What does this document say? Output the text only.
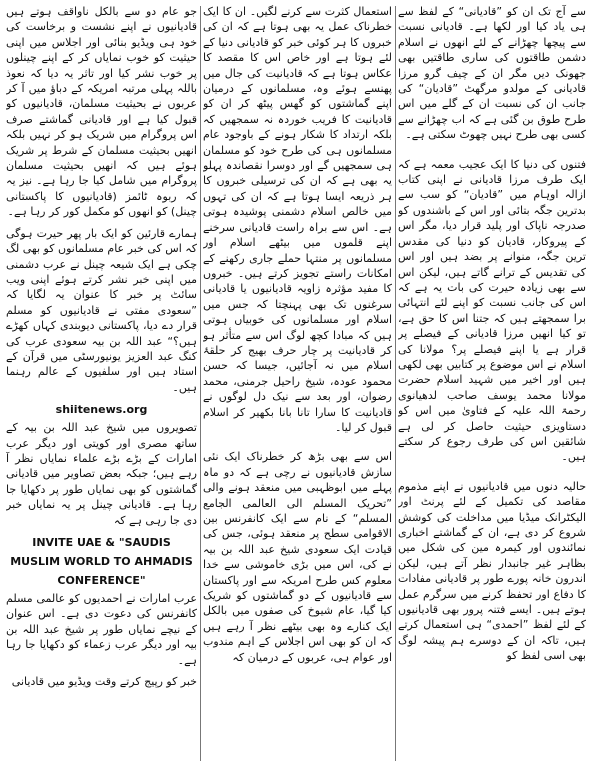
سے آج تک ان کو ”قادیانی“ کے لفظ سے ہی یاد کیا اور لکھا ہے۔ قادیانی نسبت سے پیچھا چھڑانے کے لئے انھوں نے اسلام دشمن طاقتوں کی ساری طاقتیں بھی جھونک دیں مگر ان کے چیف گرو مرزا قادیانی کے مولدو مرگھٹ ”قادیان“ کی جانب ان کی نسبت ان کے گلے میں اس طرح طوق بن گئی ہے کہ اب چھڑانے سے کسی بھی طرح نہیں چھوٹ سکتی ہے۔

فتنوں کی دنیا کا ایک عجیب معمہ ہے کہ ایک طرف مرزا قادیانی نے اپنی کتاب ازالہ اوہام میں ”قادیان“ کو سب سے بدترین جگہ بتائی اور اس کے باشندوں کو صدرجہ ناپاک اور پلید قرار دیا، مگر اس کے پیروکار، قادیان کو دنیا کی مقدس ترین جگہ، منوانے پر بضد ہیں اور اس کی تقدیس کے ترانے گاتے ہیں، لیکن اس سے بھی زیادہ حیرت کی بات یہ ہے کہ اس کی جانب نسبت کو اپنے لئے انتہائی برا سمجھتے ہیں کہ جتنا اس کا حق ہے، تو کیا انھیں مرزا قادیانی کے فیصلے پر قرار ہے یا اپنے فیصلے پر؟ مولانا کی اسلام نے اس موضوع پر کتابیں بھی لکھی ہیں اور اخیر میں شہید اسلام حضرت مولانا محمد یوسف صاحب لدھیانوی رحمۃ اللہ علیہ کے فتاویٰ میں اس کو دستاویزی حیثیت حاصل کر لی ہے شائقین اس کی طرف رجوع کر سکتے ہیں۔

حالیہ دنوں میں قادیانیوں نے اپنے مذموم مقاصد کی تکمیل کے لئے پرنٹ اور الیکٹرانک میڈیا میں مداخلت کی کوشش شروع کر دی ہے، ان کے گماشتے اخباری نمائندوں اور کیمرہ مین کی شکل میں بظاہر غیر جانبدار نظر آتے ہیں، لیکن اندرون خانہ پورے طور پر قادیانی مفادات کا دفاع اور تحفظ کرنے میں سرگرم عمل ہوتے ہیں۔ ایسے فتنہ پرور بھی قادیانیوں کے لئے لفظ ”احمدی“ ہی استعمال کرتے ہیں، تاکہ ان کے دوسرے ہم پیشہ لوگ بھی اسی لفظ کو

استعمال کثرت سے کرنے لگیں۔ ان کا ایک خطرناک عمل یہ بھی ہوتا ہے کہ ان کی خبروں کا ہر کوئی خبر کو قادیانی دنیا کے لئے ہوتا ہے اور خاص اس کا مقصد کا عکاس ہوتا ہے کہ قادیانیت کی جال میں پھنسے ہوئے وہ، مسلمانوں کے درمیان اپنے گماشتوں کو گھس پیٹھ کر ان کو قادیانیت کا فریب خوردہ نہ سمجھیں کہ بلکہ ارتداد کا شکار ہونے کے باوجود عام مسلمانوں ہی کی طرح خود کو مسلمان ہی سمجھیں گے اور دوسرا نقصاندہ پہلو یہ بھی ہے کہ ان کی ترسیلی خبروں کا ہر ذریعہ ایسا ہوتا ہے کہ ان کی تہوں میں خالص اسلام دشمنی پوشیدہ ہوتی ہے۔ اس سے براہ راست قادیانی سرخنے اپنے قلموں میں بیٹھے اسلام اور مسلمانوں پر منتہا حملے جاری رکھنے کے امکانات راستے تجویز کرتے ہیں۔ خبروں کا مفید مؤثرہ زاویہ قادیانیوں یا قادیانی سرغنوں تک بھی پہنچتا کہ جس میں اسلام اور مسلمانوں کی خوبیاں ہوتی ہیں کہ مبادا کچھ لوگ اس سے متأثر ہو کر قادیانیت پر چار حرف بھیج کر حلقۂ اسلام میں نہ آجائیں، جیسا کہ حسن محمود عودہ، شیخ راحیل جرمنی، محمد رضوان، اور بعد سے نیک دل لوگوں نے قادیانیت کا سارا تانا بانا بکھیر کر اسلام قبول کر لیا۔

اس سے بھی بڑھ کر خطرناک ایک نئی سازش قادیانیوں نے رچی ہے کہ دو ماہ پہلے میں ابوظہبی میں منعقد ہونے والی ”تحریک المسلم الی العالمی الجامع المسلم“ کے نام سے ایک کانفرنس بین الاقوامی سطح پر منعقد ہوئی، جس کی قیادت ایک سعودی شیخ عبد اللہ بن بیہ نے کی، اس میں بڑی خاموشی سے خدا معلوم کس طرح امریکہ سے اور پاکستان سے قادیانیوں کے دو گماشتوں کو شریک کیا گیا، عام شیوخ کی صفوں میں بالکل ایک کنارے وہ بھی بیٹھے نظر آ رہے ہیں کہ ان کو بھی اس اجلاس کے اہم مندوب اور عوام ہی، عربوں کے درمیان کہ

جو عام دو سے بالکل ناواقف ہوتے ہیں قادیانیوں نے اپنے نشست و برخاست کی خود ہی ویڈیو بنائی اور اجلاس میں اپنی حیثیت کو خوب نمایاں کر کے اپنے چینلوں پر خوب نشر کیا اور تاثر یہ دیا کہ نعوذ باللہ پہلی مرتبہ امریکہ کے دباؤ میں آ کر عربوں نے بحیثیت مسلمان، قادیانیوں کو قبول کیا ہے اور قادیانی گماشتے صرف اس پروگرام میں شریک ہو کر نہیں بلکہ انھیں بحیثیت مسلمان کے شرط پر شریک ہوئے ہیں کہ انھیں بحیثیت مسلمان پروگرام میں شامل کیا جا رہا ہے۔ نیز یہ کہ ربوہ ٹائمز (قادیانیوں کا پاکستانی چینل) کو انھوں کو مکمل کور کر رہا ہے۔

ہمارے قارئین کو ایک بار پھر حیرت ہوگی کہ اس کی خبر عام مسلمانوں کو بھی لگ چکی ہے ایک شیعہ چینل نے عرب دشمنی میں اپنی خبر نشر کرتے ہوئے اپنی ویب سائٹ پر خبر کا عنوان یہ لگایا کہ ”سعودی مفتی نے قادیانیوں کو مسلم قرار دے دیا، پاکستانی دیوبندی کہاں کھڑے ہیں؟“ عبد اللہ بن بیہ سعودی عرب کی کنگ عبد العزیز یونیورسٹی میں قرآن کے استاد ہیں اور سلفیوں کے عالم رہنما ہیں۔

shiitenews.org

تصویروں میں شیخ عبد اللہ بن بیہ کے ساتھ مصری اور کویتی اور دیگر عرب امارات کے بڑے بڑے علماء نمایاں نظر آ رہے ہیں؛ جبکہ بعض تصاویر میں قادیانی گماشتوں کو بھی نمایاں طور پر دکھایا جا رہا ہے۔ قادیانی چینل پر یہ نمایاں خبر دی جا رہی ہے کہ

INVITE UAE & "SAUDIS

MUSLIM WORLD TO AHMADIS

CONFERENCE"

عرب امارات نے احمدیوں کو عالمی مسلم کانفرنس کی دعوت دی ہے۔ اس عنوان کے نیچے نمایاں طور پر شیخ عبد اللہ بن بیہ اور دیگر عرب زعماء کو دکھایا جا رہا ہے۔

خبر کو رپیج کرتے وقت ویڈیو میں قادیانی
